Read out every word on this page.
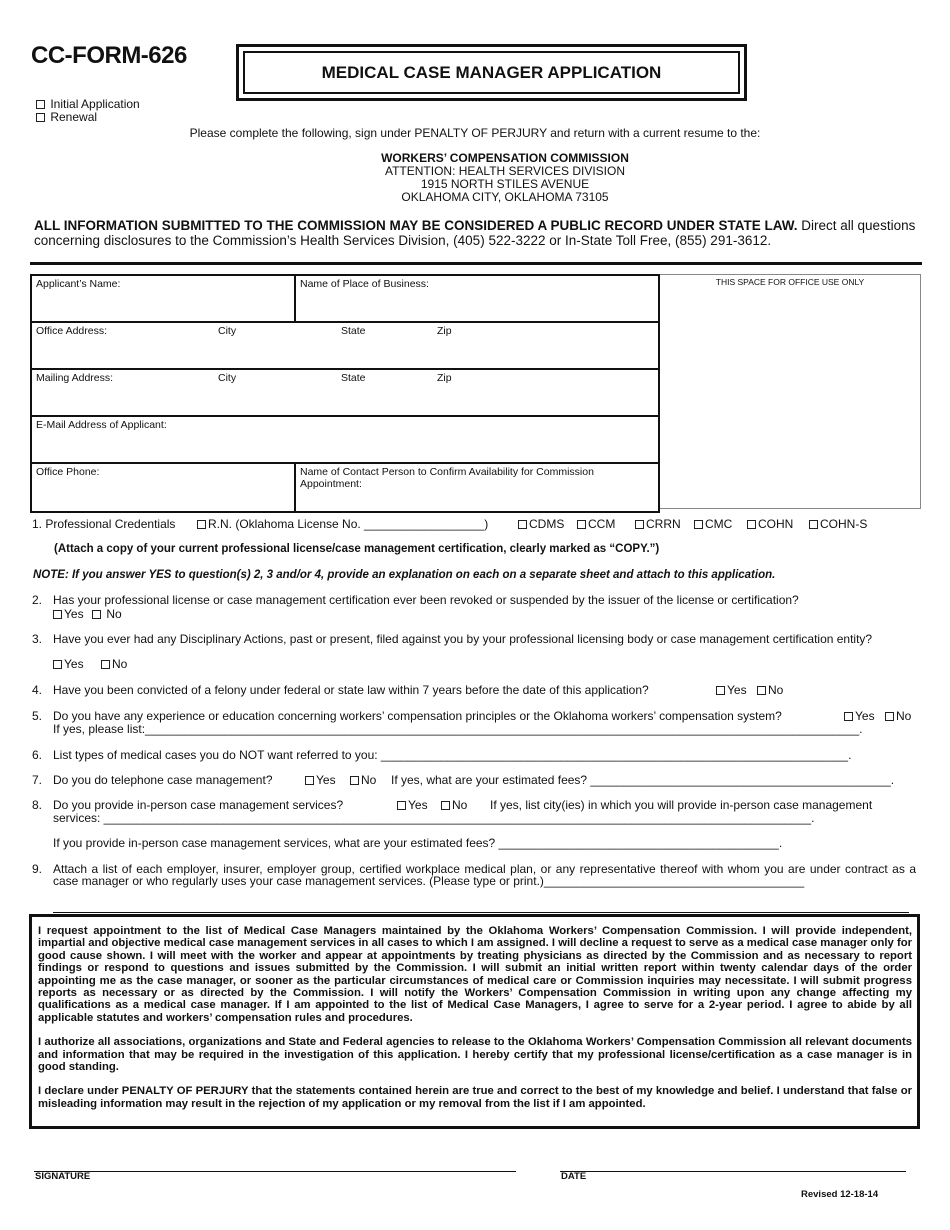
CC-FORM-626
MEDICAL CASE MANAGER APPLICATION
Initial Application
Renewal
Please complete the following, sign under PENALTY OF PERJURY and return with a current resume to the:
WORKERS’ COMPENSATION COMMISSION
ATTENTION: HEALTH SERVICES DIVISION
1915 NORTH STILES AVENUE
OKLAHOMA CITY, OKLAHOMA 73105
ALL INFORMATION SUBMITTED TO THE COMMISSION MAY BE CONSIDERED A PUBLIC RECORD UNDER STATE LAW. Direct all questions concerning disclosures to the Commission’s Health Services Division, (405) 522-3222 or In-State Toll Free, (855) 291-3612.
Applicant’s Name:	Name of Place of Business:
Office Address:	City	State	Zip
Mailing Address:	City	State	Zip
E-Mail Address of Applicant:
Office Phone:	Name of Contact Person to Confirm Availability for Commission Appointment:
THIS SPACE FOR OFFICE USE ONLY
1. Professional Credentials	R.N. (Oklahoma License No. __________________)	CDMS	CCM	CRRN	CMC	COHN	COHN-S
(Attach a copy of your current professional license/case management certification, clearly marked as “COPY.”)
NOTE: If you answer YES to question(s) 2, 3 and/or 4, provide an explanation on each on a separate sheet and attach to this application.
2. Has your professional license or case management certification ever been revoked or suspended by the issuer of the license or certification?
Yes	No
3. Have you ever had any Disciplinary Actions, past or present, filed against you by your professional licensing body or case management certification entity?
Yes	No
4. Have you been convicted of a felony under federal or state law within 7 years before the date of this application?	Yes	No
5. Do you have any experience or education concerning workers’ compensation principles or the Oklahoma workers’ compensation system?	Yes	No
If yes, please list:___________________________________________________________________________________________________________.
6. List types of medical cases you do NOT want referred to you: ______________________________________________________________________.
7. Do you do telephone case management?	Yes	No If yes, what are your estimated fees? _____________________________________________.
8. Do you provide in-person case management services?	Yes	No If yes, list city(ies) in which you will provide in-person case management
services: __________________________________________________________________________________________________________.
If you provide in-person case management services, what are your estimated fees? __________________________________________.
9. Attach a list of each employer, insurer, employer group, certified workplace medical plan, or any representative thereof with whom you are under contract as a case manager or who regularly uses your case management services. (Please type or print.)_______________________________________

I request appointment to the list of Medical Case Managers maintained by the Oklahoma Workers’ Compensation Commission. I will provide independent, impartial and objective medical case management services in all cases to which I am assigned. I will decline a request to serve as a medical case manager only for good cause shown. I will meet with the worker and appear at appointments by treating physicians as directed by the Commission and as necessary to report findings or respond to questions and issues submitted by the Commission. I will submit an initial written report within twenty calendar days of the order appointing me as the case manager, or sooner as the particular circumstances of medical care or Commission inquiries may necessitate. I will submit progress reports as necessary or as directed by the Commission. I will notify the Workers’ Compensation Commission in writing upon any change affecting my qualifications as a medical case manager. If I am appointed to the list of Medical Case Managers, I agree to serve for a 2-year period. I agree to abide by all applicable statutes and workers’ compensation rules and procedures.

I authorize all associations, organizations and State and Federal agencies to release to the Oklahoma Workers’ Compensation Commission all relevant documents and information that may be required in the investigation of this application. I hereby certify that my professional license/certification as a case manager is in good standing.

I declare under PENALTY OF PERJURY that the statements contained herein are true and correct to the best of my knowledge and belief. I understand that false or misleading information may result in the rejection of my application or my removal from the list if I am appointed.

SIGNATURE	DATE
Revised 12-18-14
